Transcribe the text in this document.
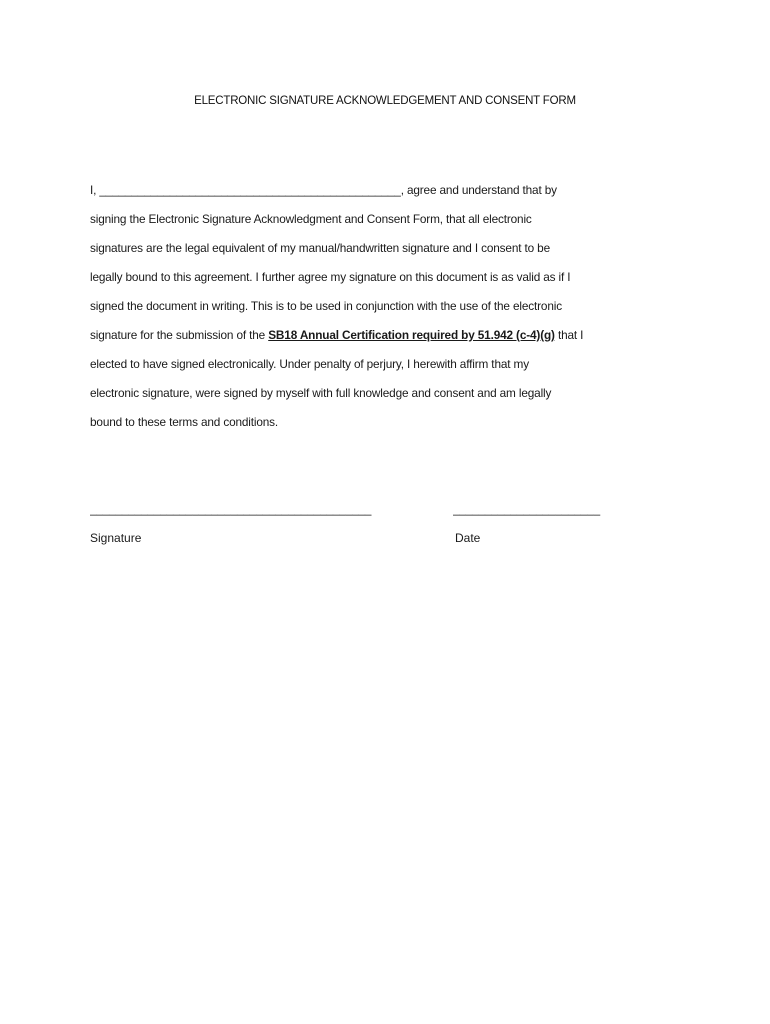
ELECTRONIC SIGNATURE ACKNOWLEDGEMENT AND CONSENT FORM
I, _______________________________________________, agree and understand that by
signing the Electronic Signature Acknowledgment and Consent Form, that all electronic
signatures are the legal equivalent of my manual/handwritten signature and I consent to be
legally bound to this agreement. I further agree my signature on this document is as valid as if I
signed the document in writing. This is to be used in conjunction with the use of the electronic
signature for the submission of the SB18 Annual Certification required by 51.942 (c-4)(g) that I
elected to have signed electronically. Under penalty of perjury, I herewith affirm that my
electronic signature, were signed by myself with full knowledge and consent and am legally
bound to these terms and conditions.
____________________________________________	_______________________
Signature	Date
